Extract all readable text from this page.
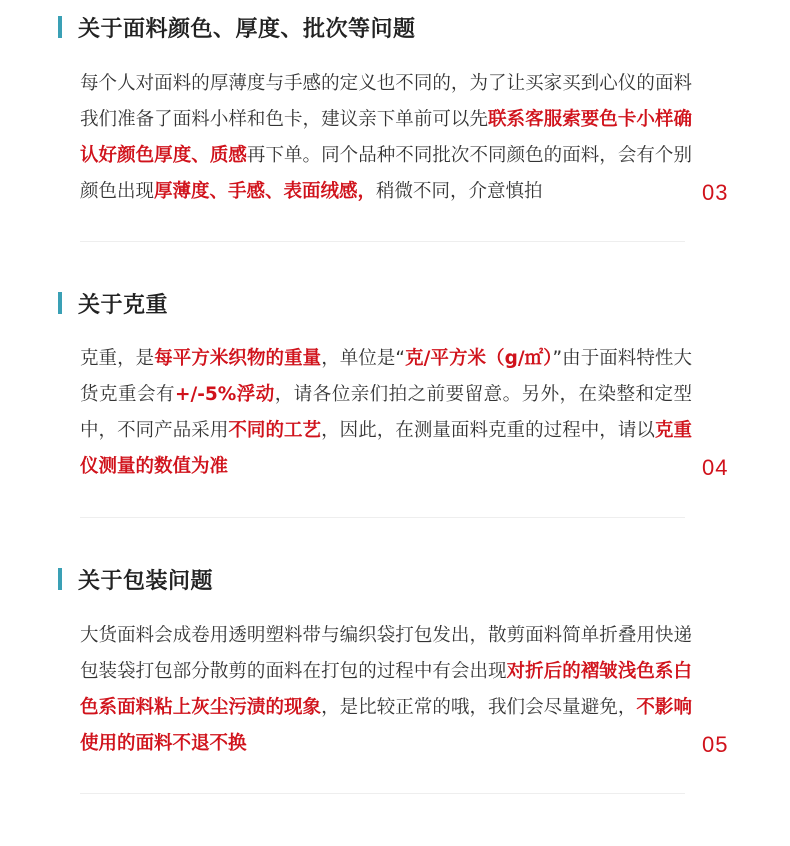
关于面料颜色、厚度、批次等问题
每个人对面料的厚薄度与手感的定义也不同的，为了让买家买到心仪的面料我们准备了面料小样和色卡，建议亲下单前可以先联系客服索要色卡小样确认好颜色厚度、质感再下单。同个品种不同批次不同颜色的面料，会有个别颜色出现厚薄度、手感、表面绒感，稍微不同，介意慎拍	03
关于克重
克重，是每平方米织物的重量，单位是“克/平方米（g/㎡）”由于面料特性大货克重会有+/-5%浮动，请各位亲们拍之前要留意。另外，在染整和定型中，不同产品采用不同的工艺，因此，在测量面料克重的过程中，请以克重仪测量的数值为准	04
关于包装问题
大货面料会成卷用透明塑料带与编织袋打包发出，散剪面料简单折叠用快递包装袋打包部分散剪的面料在打包的过程中有会出现对折后的褶皱浅色系白色系面料粘上灰尘污渍的现象，是比较正常的哦，我们会尽量避免，不影响使用的面料不退不换	05
